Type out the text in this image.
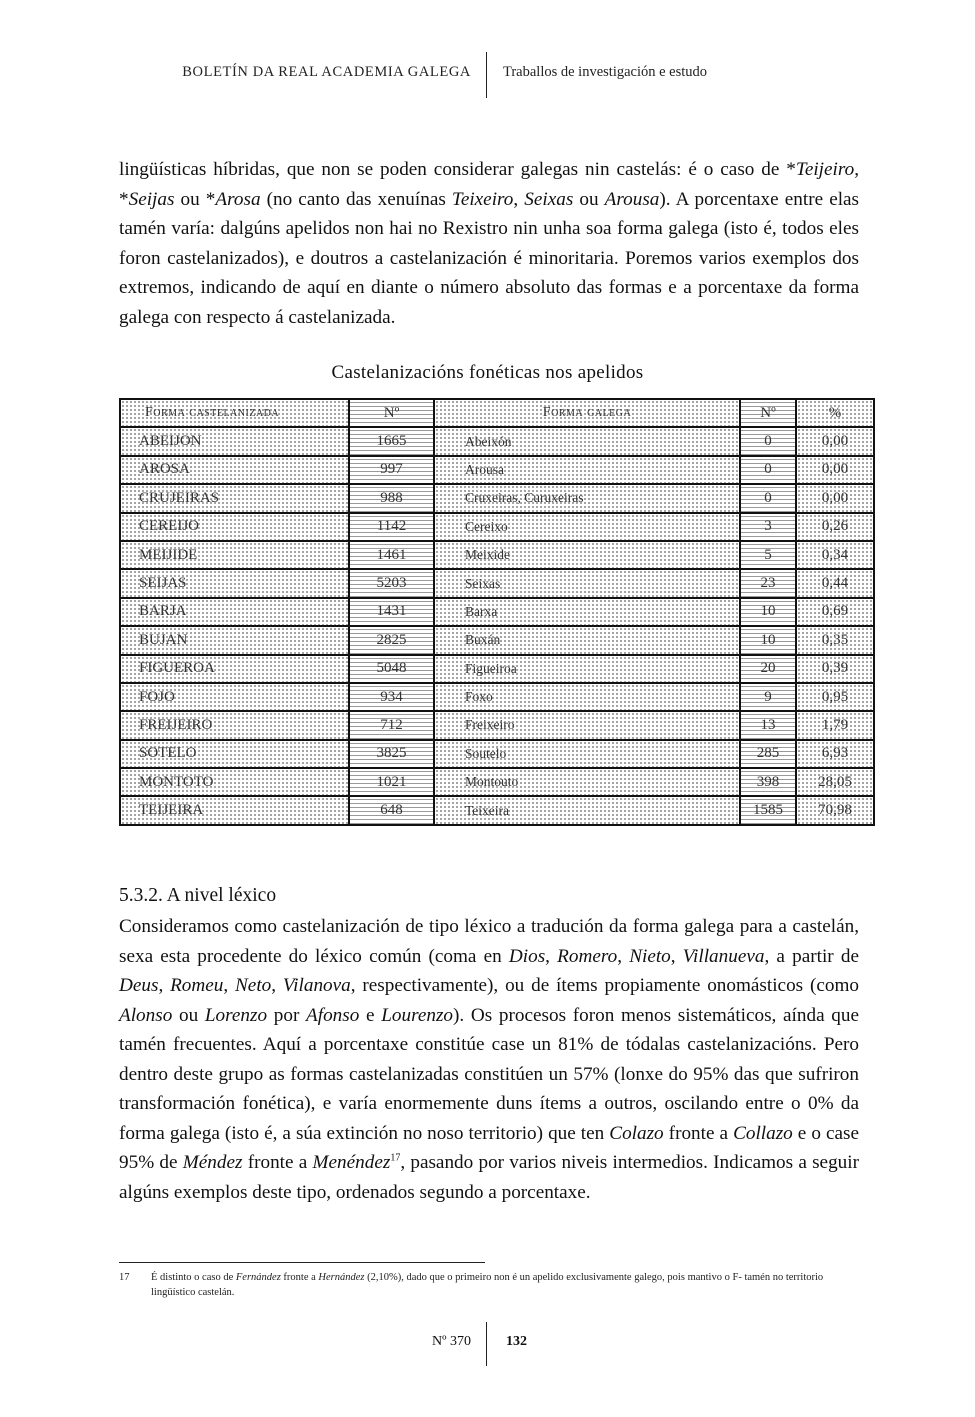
BOLETÍN DA REAL ACADEMIA GALEGA Traballos de investigación e estudo

lingüísticas híbridas, que non se poden considerar galegas nin castelás: é o caso de *Teijeiro, *Seijas ou *Arosa (no canto das xenuínas Teixeiro, Seixas ou Arousa). A porcentaxe entre elas tamén varía: dalgúns apelidos non hai no Rexistro nin unha soa forma galega (isto é, todos eles foron castelanizados), e doutros a castelanización é minoritaria. Poremos varios exemplos dos extremos, indicando de aquí en diante o número absoluto das formas e a porcentaxe da forma galega con respecto á castelanizada.

Castelanizacións fonéticas nos apelidos
Forma castelanizada	Nº	Forma galega	Nº	%
ABEIJON	1665	Abeixón	0	0,00
AROSA	997	Arousa	0	0,00
CRUJEIRAS	988	Cruxeiras, Curuxeiras	0	0,00
CEREIJO	1142	Cereixo	3	0,26
MEIJIDE	1461	Meixide	5	0,34
SEIJAS	5203	Seixas	23	0,44
BARJA	1431	Barxa	10	0,69
BUJAN	2825	Buxán	10	0,35
FIGUEROA	5048	Figueiroa	20	0,39
FOJO	934	Foxo	9	0,95
FREIJEIRO	712	Freixeiro	13	1,79
SOTELO	3825	Soutelo	285	6,93
MONTOTO	1021	Montouto	398	28,05
TEIJEIRA	648	Teixeira	1585	70,98
5.3.2. A nivel léxico

Consideramos como castelanización de tipo léxico a tradución da forma galega para a castelán, sexa esta procedente do léxico común (coma en Dios, Romero, Nieto, Villanueva, a partir de Deus, Romeu, Neto, Vilanova, respectivamente), ou de ítems propiamente onomásticos (como Alonso ou Lorenzo por Afonso e Lourenzo). Os procesos foron menos sistemáticos, aínda que tamén frecuentes. Aquí a porcentaxe constitúe case un 81% de tódalas castelanizacións. Pero dentro deste grupo as formas castelanizadas constitúen un 57% (lonxe do 95% das que sufriron transformación fonética), e varía enormemente duns ítems a outros, oscilando entre o 0% da forma galega (isto é, a súa extinción no noso territorio) que ten Colazo fronte a Collazo e o case 95% de Méndez fronte a Menéndez$^{17}$, pasando por varios niveis intermedios. Indicamos a seguir algúns exemplos deste tipo, ordenados segundo a porcentaxe.

17 É distinto o caso de Fernández fronte a Hernández (2,10%), dado que o primeiro non é un apelido exclusivamente galego, pois mantivo o F- tamén no territorio lingüístico castelán.
Nº 370	132
